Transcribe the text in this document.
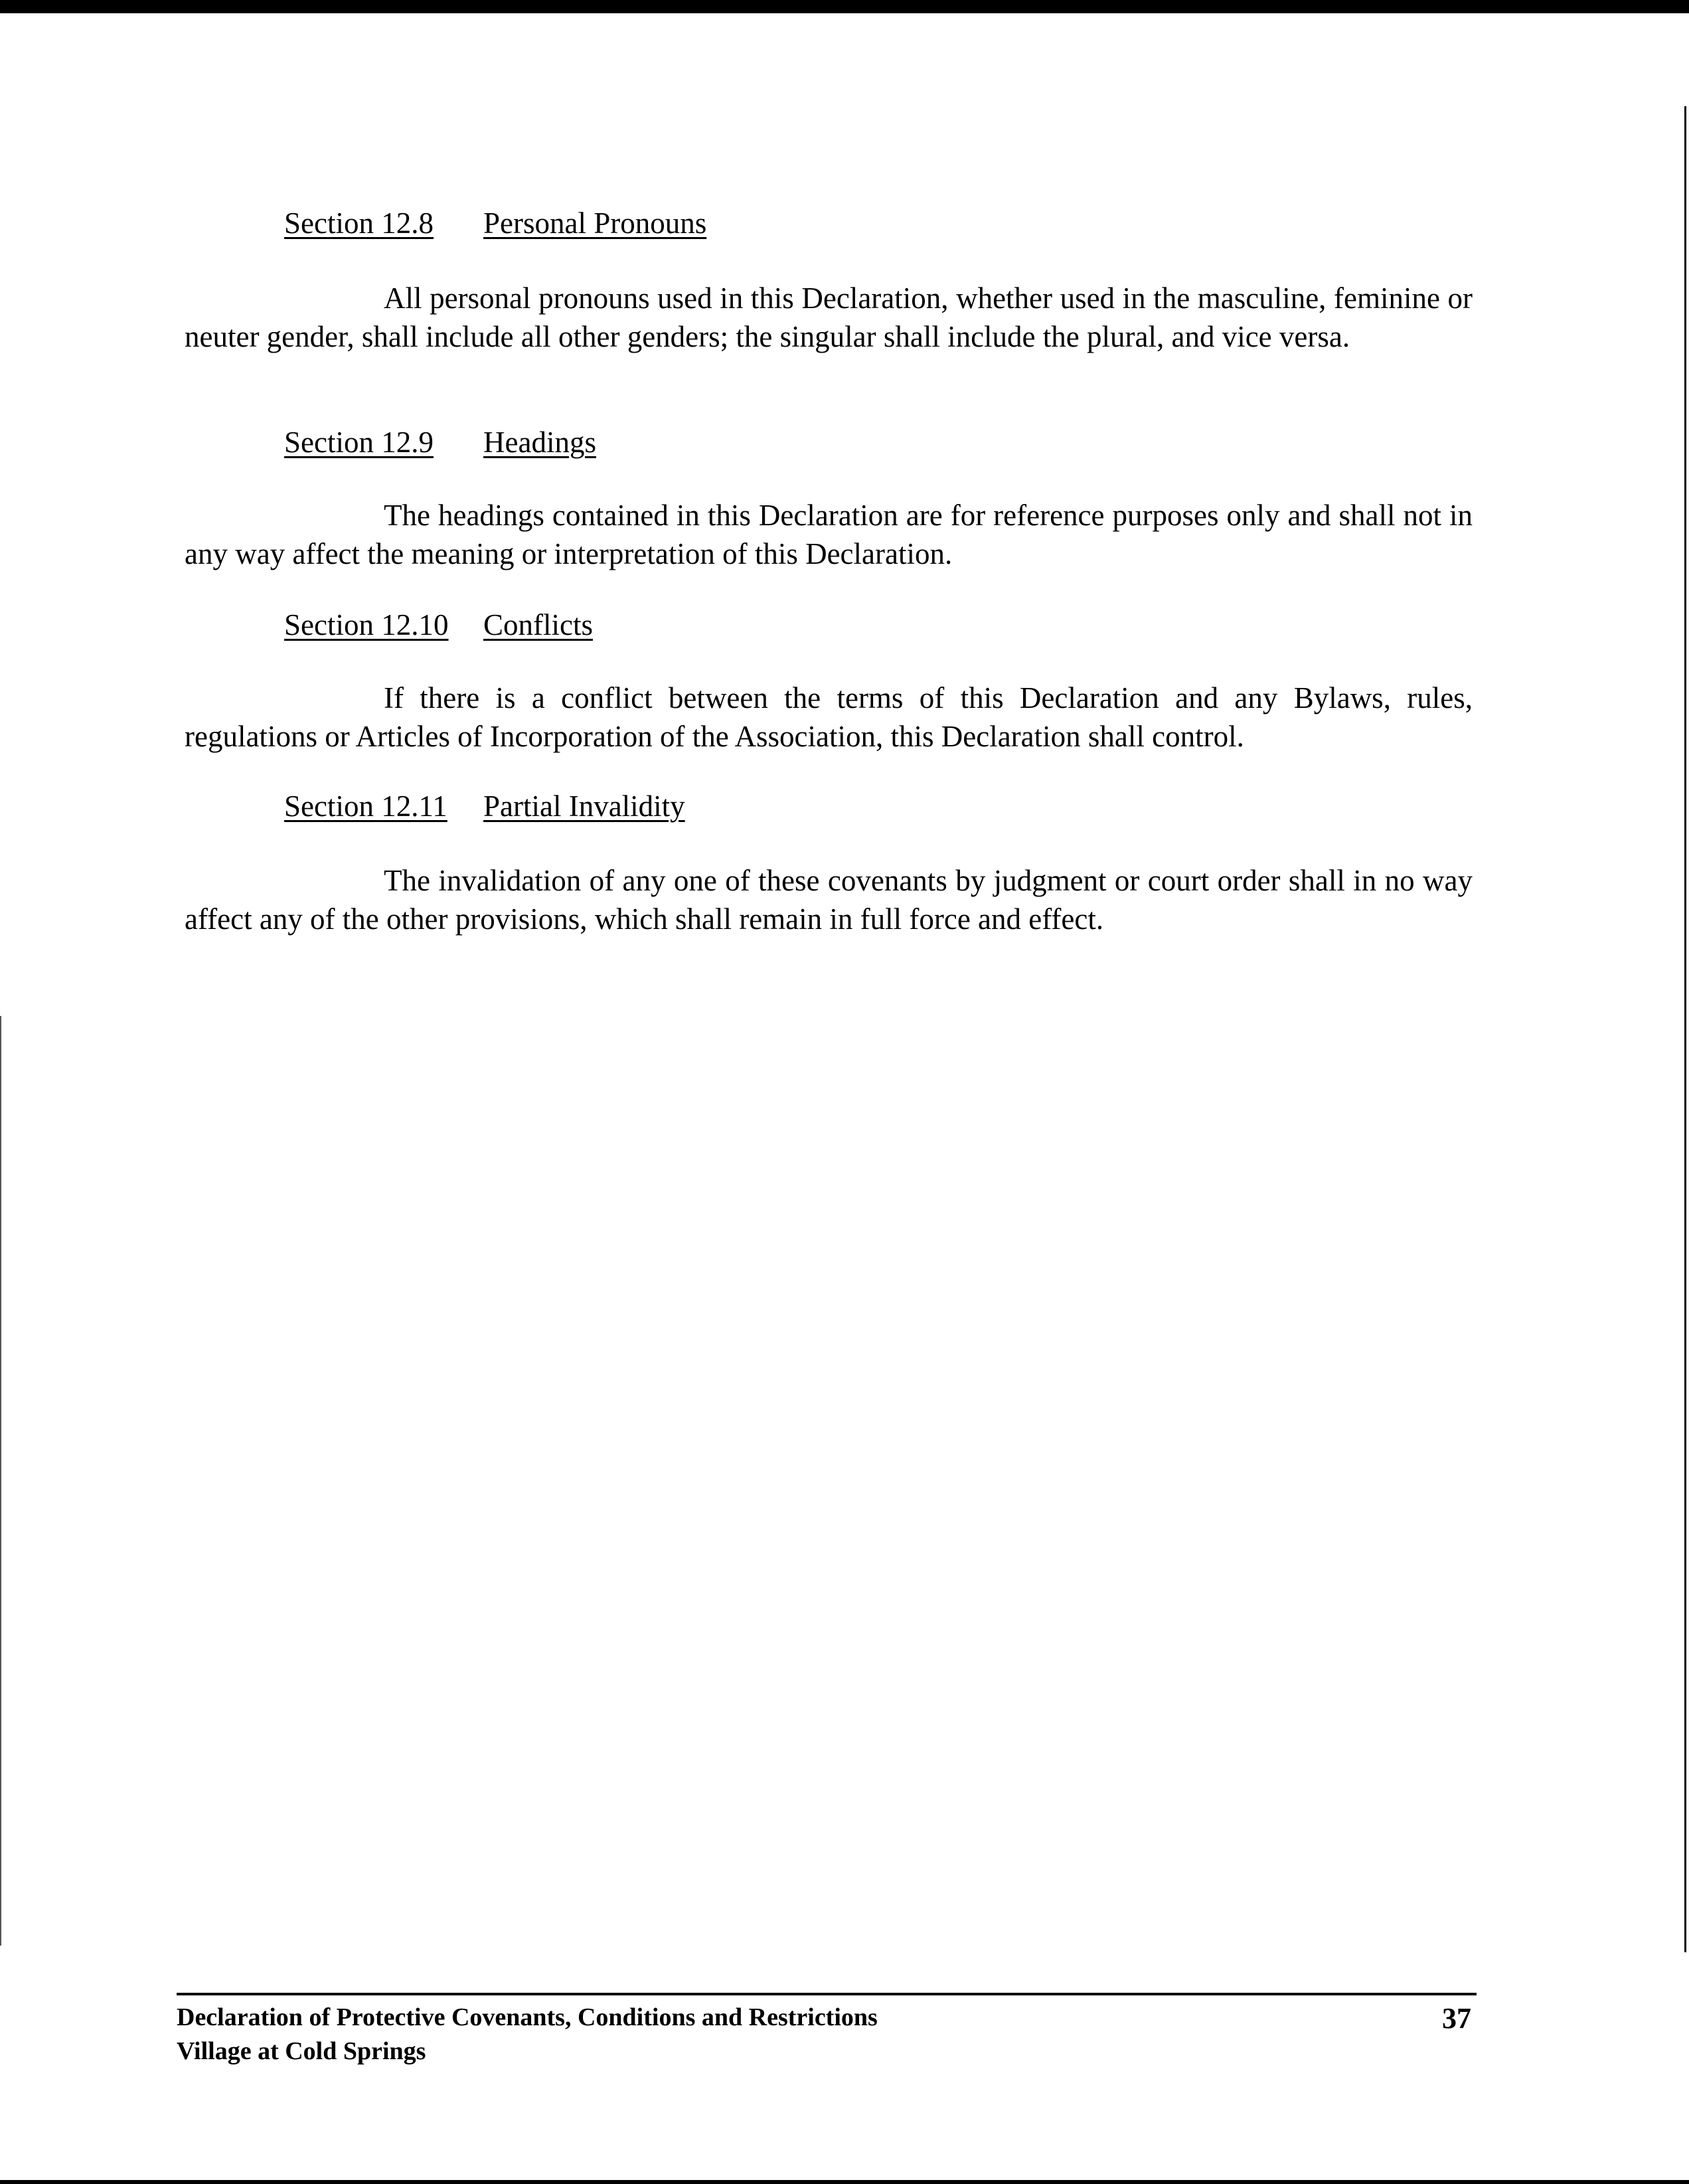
Section 12.8 Personal Pronouns
All personal pronouns used in this Declaration, whether used in the masculine, feminine or neuter gender, shall include all other genders; the singular shall include the plural, and vice versa.
Section 12.9 Headings
The headings contained in this Declaration are for reference purposes only and shall not in any way affect the meaning or interpretation of this Declaration.
Section 12.10 Conflicts
If there is a conflict between the terms of this Declaration and any Bylaws, rules, regulations or Articles of Incorporation of the Association, this Declaration shall control.
Section 12.11 Partial Invalidity
The invalidation of any one of these covenants by judgment or court order shall in no way affect any of the other provisions, which shall remain in full force and effect.
Declaration of Protective Covenants, Conditions and Restrictions
Village at Cold Springs
37
